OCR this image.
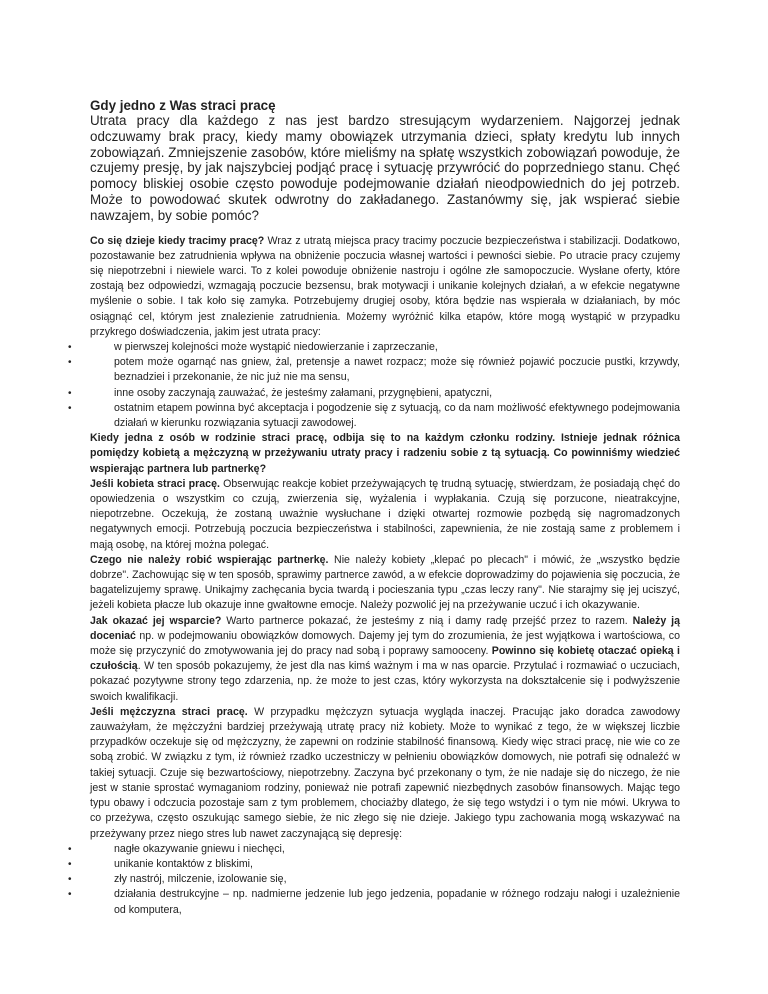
Gdy jedno z Was straci pracę

Utrata pracy dla każdego z nas jest bardzo stresującym wydarzeniem. Najgorzej jednak odczuwamy brak pracy, kiedy mamy obowiązek utrzymania dzieci, spłaty kredytu lub innych zobowiązań. Zmniejszenie zasobów, które mieliśmy na spłatę wszystkich zobowiązań powoduje, że czujemy presję, by jak najszybciej podjąć pracę i sytuację przywrócić do poprzedniego stanu. Chęć pomocy bliskiej osobie często powoduje podejmowanie działań nieodpowiednich do jej potrzeb. Może to powodować skutek odwrotny do zakładanego. Zastanówmy się, jak wspierać siebie nawzajem, by sobie pomóc?

Co się dzieje kiedy tracimy pracę? Wraz z utratą miejsca pracy tracimy poczucie bezpieczeństwa i stabilizacji. Dodatkowo, pozostawanie bez zatrudnienia wpływa na obniżenie poczucia własnej wartości i pewności siebie. Po utracie pracy czujemy się niepotrzebni i niewiele warci. To z kolei powoduje obniżenie nastroju i ogólne złe samopoczucie. Wysłane oferty, które zostają bez odpowiedzi, wzmagają poczucie bezsensu, brak motywacji i unikanie kolejnych działań, a w efekcie negatywne myślenie o sobie. I tak koło się zamyka. Potrzebujemy drugiej osoby, która będzie nas wspierała w działaniach, by móc osiągnąć cel, którym jest znalezienie zatrudnienia. Możemy wyróżnić kilka etapów, które mogą wystąpić w przypadku przykrego doświadczenia, jakim jest utrata pracy:

•	w pierwszej kolejności może wystąpić niedowierzanie i zaprzeczanie,
•	potem może ogarnąć nas gniew, żal, pretensje a nawet rozpacz; może się również pojawić poczucie pustki, krzywdy, beznadziei i przekonanie, że nic już nie ma sensu,
•	inne osoby zaczynają zauważać, że jesteśmy załamani, przygnębieni, apatyczni,
•	ostatnim etapem powinna być akceptacja i pogodzenie się z sytuacją, co da nam możliwość efektywnego podejmowania działań w kierunku rozwiązania sytuacji zawodowej.

Kiedy jedna z osób w rodzinie straci pracę, odbija się to na każdym członku rodziny. Istnieje jednak różnica pomiędzy kobietą a mężczyzną w przeżywaniu utraty pracy i radzeniu sobie z tą sytuacją. Co powinniśmy wiedzieć wspierając partnera lub partnerkę?

Jeśli kobieta straci pracę. Obserwując reakcje kobiet przeżywających tę trudną sytuację, stwierdzam, że posiadają chęć do opowiedzenia o wszystkim co czują, zwierzenia się, wyżalenia i wypłakania. Czują się porzucone, nieatrakcyjne, niepotrzebne. Oczekują, że zostaną uważnie wysłuchane i dzięki otwartej rozmowie pozbędą się nagromadzonych negatywnych emocji. Potrzebują poczucia bezpieczeństwa i stabilności, zapewnienia, że nie zostają same z problemem i mają osobę, na której można polegać.

Czego nie należy robić wspierając partnerkę. Nie należy kobiety „klepać po plecach" i mówić, że „wszystko będzie dobrze". Zachowując się w ten sposób, sprawimy partnerce zawód, a w efekcie doprowadzimy do pojawienia się poczucia, że bagatelizujemy sprawę. Unikajmy zachęcania bycia twardą i pocieszania typu „czas leczy rany". Nie starajmy się jej uciszyć, jeżeli kobieta płacze lub okazuje inne gwałtowne emocje. Należy pozwolić jej na przeżywanie uczuć i ich okazywanie.

Jak okazać jej wsparcie? Warto partnerce pokazać, że jesteśmy z nią i damy radę przejść przez to razem. Należy ją doceniać np. w podejmowaniu obowiązków domowych. Dajemy jej tym do zrozumienia, że jest wyjątkowa i wartościowa, co może się przyczynić do zmotywowania jej do pracy nad sobą i poprawy samooceny. Powinno się kobietę otaczać opieką i czułością. W ten sposób pokazujemy, że jest dla nas kimś ważnym i ma w nas oparcie. Przytulać i rozmawiać o uczuciach, pokazać pozytywne strony tego zdarzenia, np. że może to jest czas, który wykorzysta na dokształcenie się i podwyższenie swoich kwalifikacji.

Jeśli mężczyzna straci pracę. W przypadku mężczyzn sytuacja wygląda inaczej. Pracując jako doradca zawodowy zauważyłam, że mężczyźni bardziej przeżywają utratę pracy niż kobiety. Może to wynikać z tego, że w większej liczbie przypadków oczekuje się od mężczyzny, że zapewni on rodzinie stabilność finansową. Kiedy więc straci pracę, nie wie co ze sobą zrobić. W związku z tym, iż również rzadko uczestniczy w pełnieniu obowiązków domowych, nie potrafi się odnaleźć w takiej sytuacji. Czuje się bezwartościowy, niepotrzebny. Zaczyna być przekonany o tym, że nie nadaje się do niczego, że nie jest w stanie sprostać wymaganiom rodziny, ponieważ nie potrafi zapewnić niezbędnych zasobów finansowych. Mając tego typu obawy i odczucia pozostaje sam z tym problemem, chociażby dlatego, że się tego wstydzi i o tym nie mówi. Ukrywa to co przeżywa, często oszukując samego siebie, że nic złego się nie dzieje. Jakiego typu zachowania mogą wskazywać na przeżywany przez niego stres lub nawet zaczynającą się depresję:

•	nagłe okazywanie gniewu i niechęci,
•	unikanie kontaktów z bliskimi,
•	zły nastrój, milczenie, izolowanie się,
•	działania destrukcyjne – np. nadmierne jedzenie lub jego jedzenia, popadanie w różnego rodzaju nałogi i uzależnienie od komputera,
